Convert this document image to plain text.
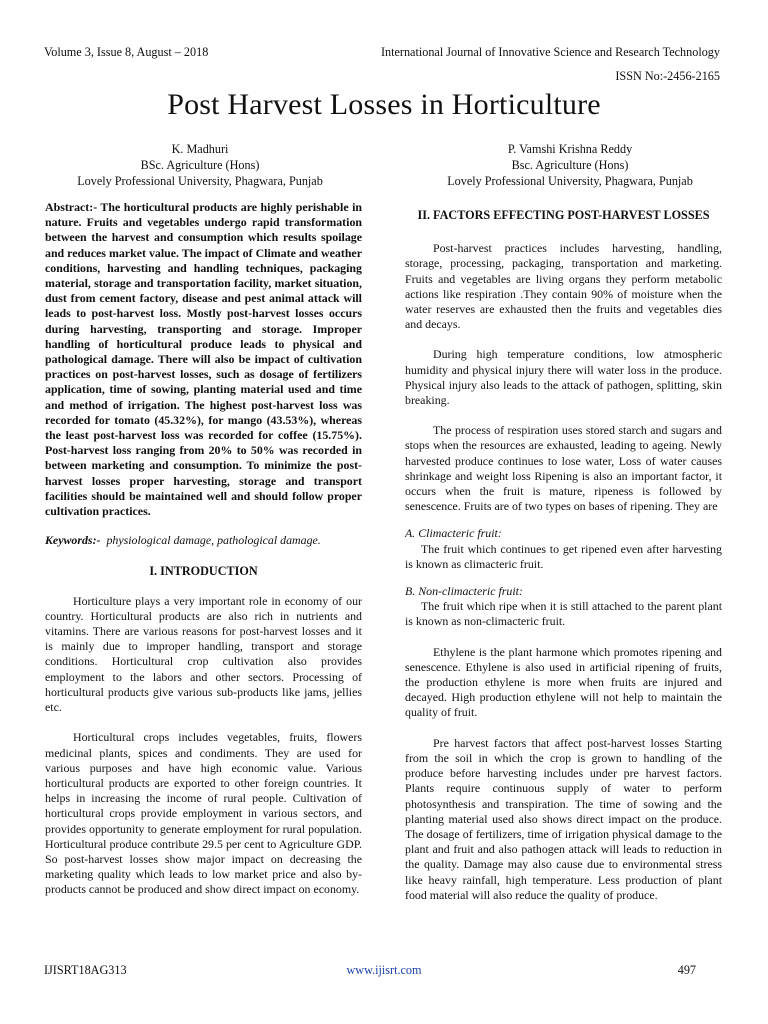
Volume 3, Issue 8, August – 2018	International Journal of Innovative Science and Research Technology
ISSN No:-2456-2165
Post Harvest Losses in Horticulture
K. Madhuri
BSc. Agriculture (Hons)
Lovely Professional University, Phagwara, Punjab
P. Vamshi Krishna Reddy
Bsc. Agriculture (Hons)
Lovely Professional University, Phagwara, Punjab

Abstract:- The horticultural products are highly perishable in nature. Fruits and vegetables undergo rapid transformation between the harvest and consumption which results spoilage and reduces market value. The impact of Climate and weather conditions, harvesting and handling techniques, packaging material, storage and transportation facility, market situation, dust from cement factory, disease and pest animal attack will leads to post-harvest loss. Mostly post-harvest losses occurs during harvesting, transporting and storage. Improper handling of horticultural produce leads to physical and pathological damage. There will also be impact of cultivation practices on post-harvest losses, such as dosage of fertilizers application, time of sowing, planting material used and time and method of irrigation. The highest post-harvest loss was recorded for tomato (45.32%), for mango (43.53%), whereas the least post-harvest loss was recorded for coffee (15.75%). Post-harvest loss ranging from 20% to 50% was recorded in between marketing and consumption. To minimize the post-harvest losses proper harvesting, storage and transport facilities should be maintained well and should follow proper cultivation practices.

Keywords:- physiological damage, pathological damage.

I. INTRODUCTION

Horticulture plays a very important role in economy of our country. Horticultural products are also rich in nutrients and vitamins. There are various reasons for post-harvest losses and it is mainly due to improper handling, transport and storage conditions. Horticultural crop cultivation also provides employment to the labors and other sectors. Processing of horticultural products give various sub-products like jams, jellies etc.

Horticultural crops includes vegetables, fruits, flowers medicinal plants, spices and condiments. They are used for various purposes and have high economic value. Various horticultural products are exported to other foreign countries. It helps in increasing the income of rural people. Cultivation of horticultural crops provide employment in various sectors, and provides opportunity to generate employment for rural population. Horticultural produce contribute 29.5 per cent to Agriculture GDP. So post-harvest losses show major impact on decreasing the marketing quality which leads to low market price and also by-products cannot be produced and show direct impact on economy.

II. FACTORS EFFECTING POST-HARVEST LOSSES

Post-harvest practices includes harvesting, handling, storage, processing, packaging, transportation and marketing. Fruits and vegetables are living organs they perform metabolic actions like respiration .They contain 90% of moisture when the water reserves are exhausted then the fruits and vegetables dies and decays.

During high temperature conditions, low atmospheric humidity and physical injury there will water loss in the produce. Physical injury also leads to the attack of pathogen, splitting, skin breaking.

The process of respiration uses stored starch and sugars and stops when the resources are exhausted, leading to ageing. Newly harvested produce continues to lose water, Loss of water causes shrinkage and weight loss Ripening is also an important factor, it occurs when the fruit is mature, ripeness is followed by senescence. Fruits are of two types on bases of ripening. They are

A. Climacteric fruit:

The fruit which continues to get ripened even after harvesting is known as climacteric fruit.

B. Non-climacteric fruit:

The fruit which ripe when it is still attached to the parent plant is known as non-climacteric fruit.

Ethylene is the plant harmone which promotes ripening and senescence. Ethylene is also used in artificial ripening of fruits, the production ethylene is more when fruits are injured and decayed. High production ethylene will not help to maintain the quality of fruit.

Pre harvest factors that affect post-harvest losses Starting from the soil in which the crop is grown to handling of the produce before harvesting includes under pre harvest factors. Plants require continuous supply of water to perform photosynthesis and transpiration. The time of sowing and the planting material used also shows direct impact on the produce. The dosage of fertilizers, time of irrigation physical damage to the plant and fruit and also pathogen attack will leads to reduction in the quality. Damage may also cause due to environmental stress like heavy rainfall, high temperature. Less production of plant food material will also reduce the quality of produce.

IJISRT18AG313	www.ijisrt.com	497
